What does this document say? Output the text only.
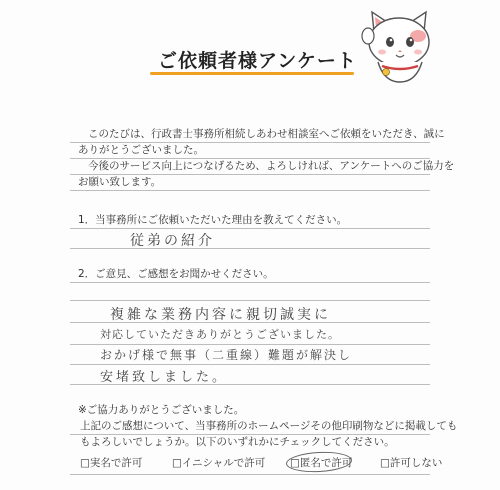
ご依頼者様アンケート
このたびは、行政書士事務所相続しあわせ相談室へご依頼をいただき、誠に
ありがとうございました。
今後のサービス向上につなげるため、よろしければ、アンケートへのご協力を
お願い致します。
1．当事務所にご依頼いただいた理由を教えてください。
従弟の紹介
2．ご意見、ご感想をお聞かせください。
複雑な業務内容に親切誠実に
対応していただきありがとうございました。
おかげ様で無事（二重線）難題が解決し
安堵致しました。
※ご協力ありがとうございました。
上記のご感想について、当事務所のホームページその他印刷物などに掲載しても
もよろしいでしょうか。以下のいずれかにチェックしてください。
□実名で許可	□イニシャルで許可 □匿名で許可	□許可しない
